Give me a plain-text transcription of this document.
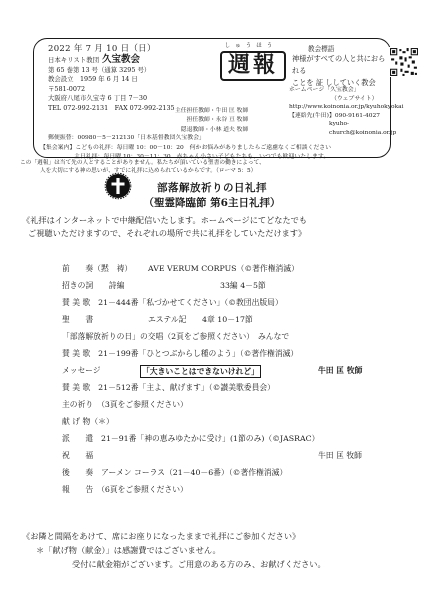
2022 年 7 月 10 日（日）
日本キリスト教団 久宝教会
第 65 巻第 13 号（通算 3295 号）
教会設立　1959 年 6 月 14 日
〒581-0072
大阪府八尾市久宝寺 6 丁目 7－30
TEL 072-992-2131　FAX 072-992-2135
しゅうほう
週報
教会標語
神様がすべての人と共におられる
ことを 証 ししていく教会
主任担任教師・牛田 匡 牧師
担任教師・永谷 亘 牧師
隠退教師・小林 道夫 牧師
ホームページ「久宝教会」
（ウェブサイト）
http://www.koinonia.or.jp/kyuhokyokai
【連絡先(牛田)】090-9161-4027
kyuho-church@koinonia.or.jp
郵便振替：00980－5－212130「日本基督教団久宝教会」
【集会案内】こどもの礼拝：毎日曜 10：00－10：20　何かお悩みがありましたらご遠慮なくご相談ください
主日礼拝：毎日曜 10：30－11：30　赤ちゃん小さい子どもたちも、いつでも歓迎いたします。
この「週報」は当て先の人とすることがありません。私たちが頂いている聖書の働きによって、
人を大切にする神の思いが、すでに礼拝に込められているからです。（ローマ 5：5）
部落解放祈りの日礼拝
（聖霊降臨節 第6主日礼拝）
《礼拝はインターネットで中継配信いたします。ホームページにてどなたでも
ご視聴いただけますので、それぞれの場所で共に礼拝をしていただけます》
前　　奏（黙　祷） AVE VERUM CORPUS（©著作権消滅）
招きの詞　　詩編	33編 4－5節
賛 美 歌　21－444番「私づかせてください」（©教団出版局）
聖　　書	エステル記　　4章 10－17節
「部落解放祈りの日」の交唱（2頁をご参照ください）　みんなで
賛 美 歌　21－199番「ひとつぶからし種のよう」（©著作権消滅）
メッセージ	「大きいことはできないけれど」	牛田 匡 牧師
賛 美 歌　21－512番「主よ、献げます」（©讃美歌委員会）
主の祈り　（3頁をご参照ください）
献 げ 物（＊）
派　　遣　21－91番「神の恵みゆたかに受け」(1節のみ)（©JASRAC）
祝　　福	牛田 匡 牧師
後　　奏　アーメン コーラス（21－40－6番）（©著作権消滅）
報　　告　（6頁をご参照ください）
《お隣と間隔をあけて、席にお座りになったままで礼拝にご参加ください》
＊「献げ物（献金）」は感謝費ではございません。
受付に献金箱がございます。ご用意のある方のみ、お献げください。
